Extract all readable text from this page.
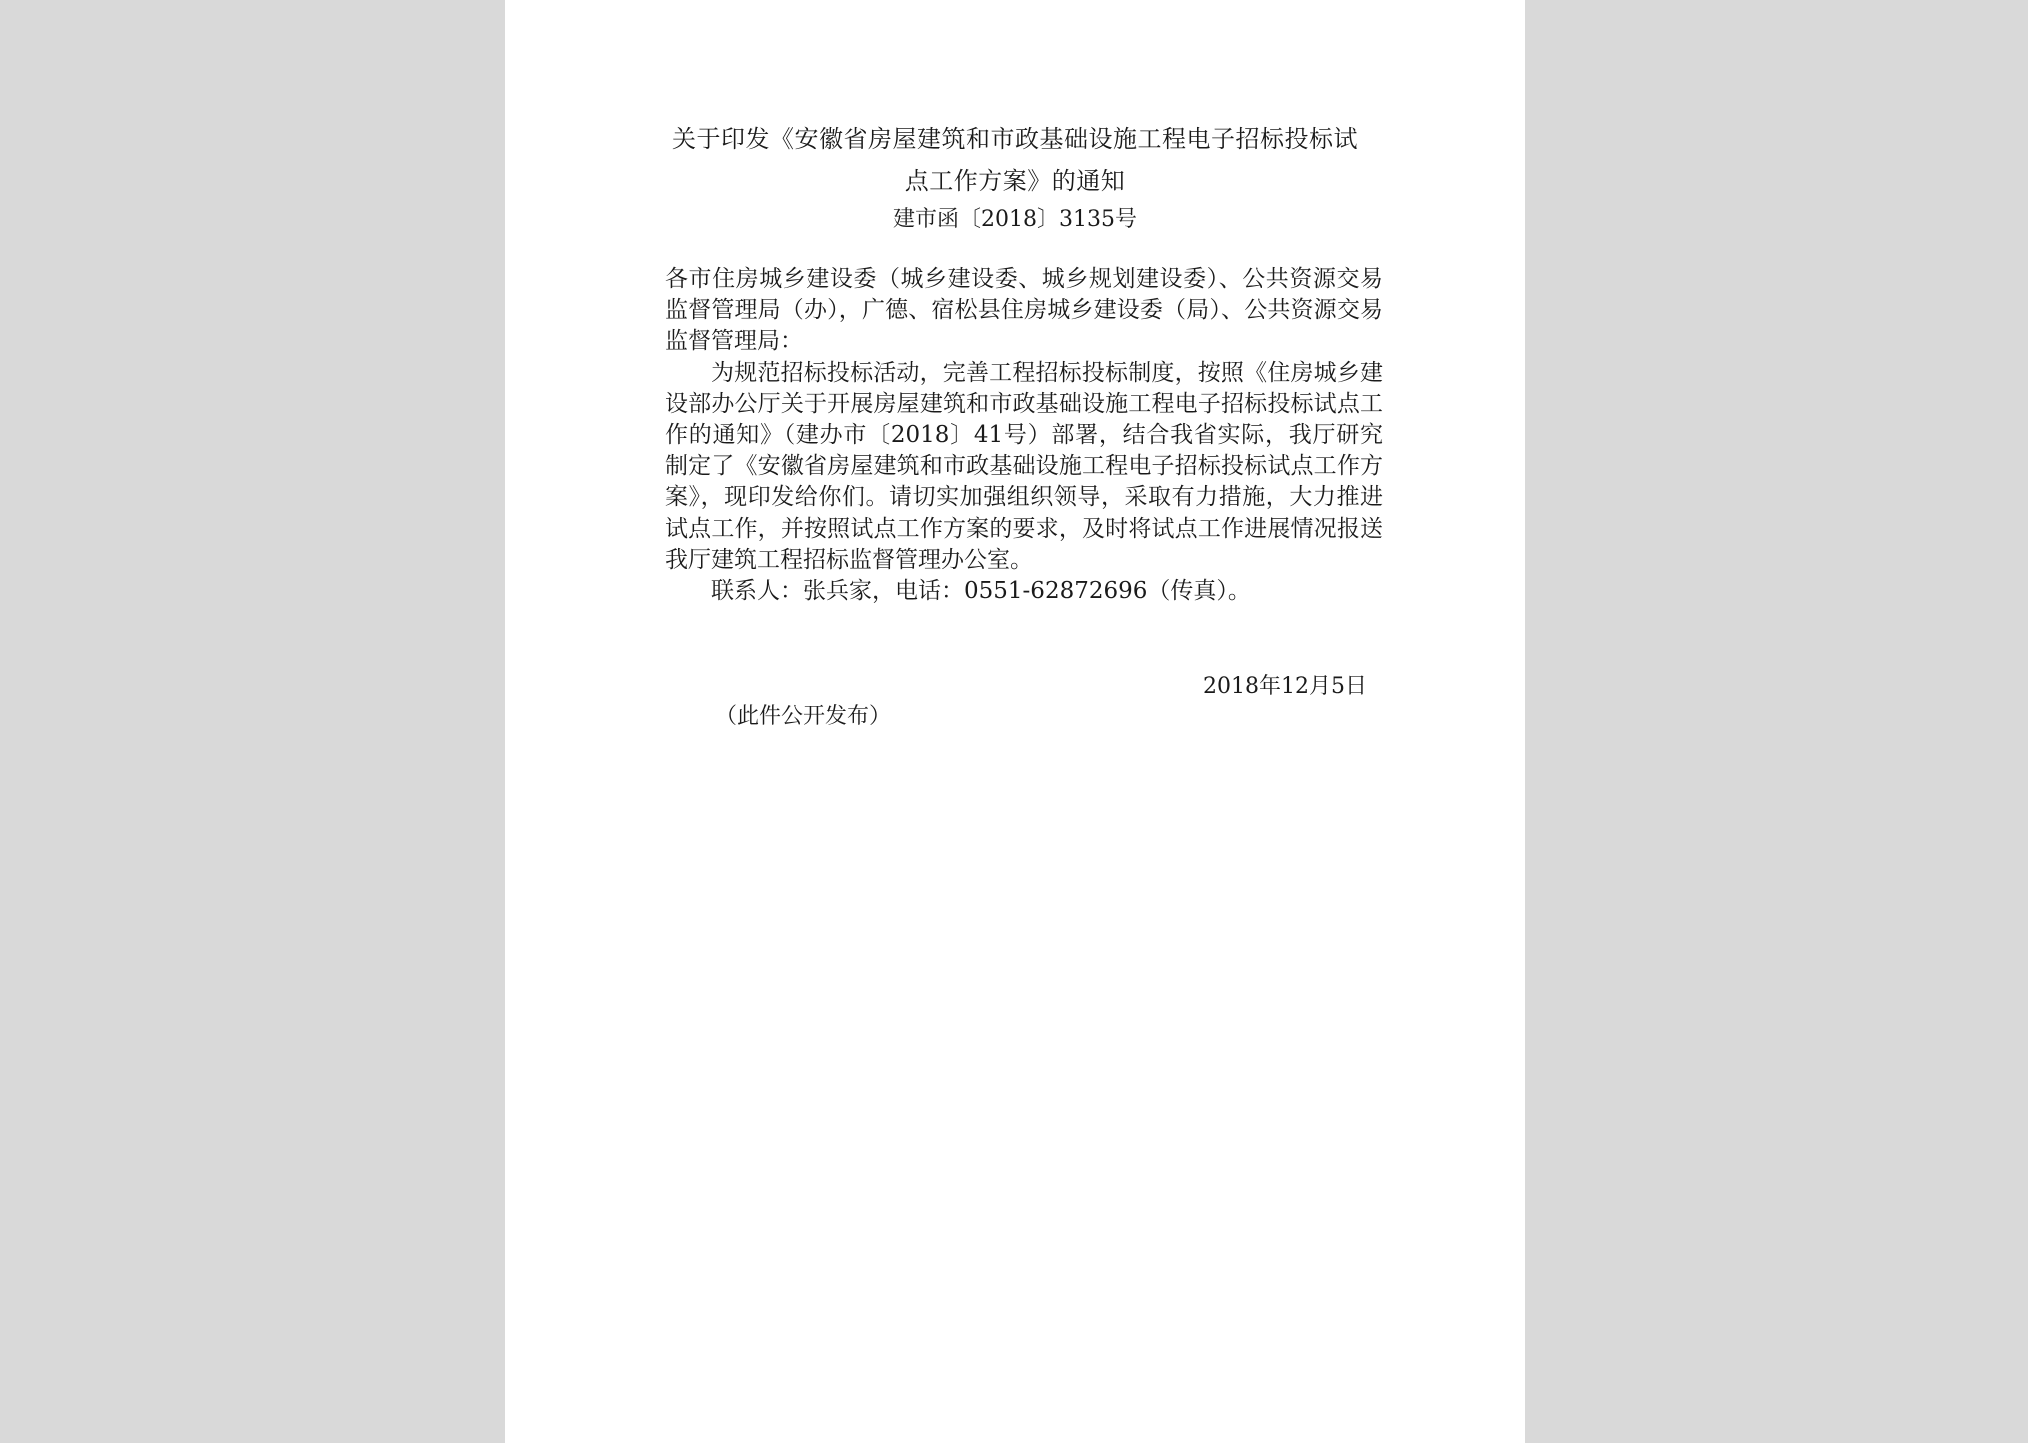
关于印发《安徽省房屋建筑和市政基础设施工程电子招标投标试点工作方案》的通知
建市函〔2018〕3135号

各市住房城乡建设委（城乡建设委、城乡规划建设委）、公共资源交易监督管理局（办），广德、宿松县住房城乡建设委（局）、公共资源交易监督管理局：

为规范招标投标活动，完善工程招标投标制度，按照《住房城乡建设部办公厅关于开展房屋建筑和市政基础设施工程电子招标投标试点工作的通知》（建办市〔2018〕41号）部署，结合我省实际，我厅研究制定了《安徽省房屋建筑和市政基础设施工程电子招标投标试点工作方案》，现印发给你们。请切实加强组织领导，采取有力措施，大力推进试点工作，并按照试点工作方案的要求，及时将试点工作进展情况报送我厅建筑工程招标监督管理办公室。

联系人：张兵家，电话：0551-62872696（传真）。

2018年12月5日
（此件公开发布）
